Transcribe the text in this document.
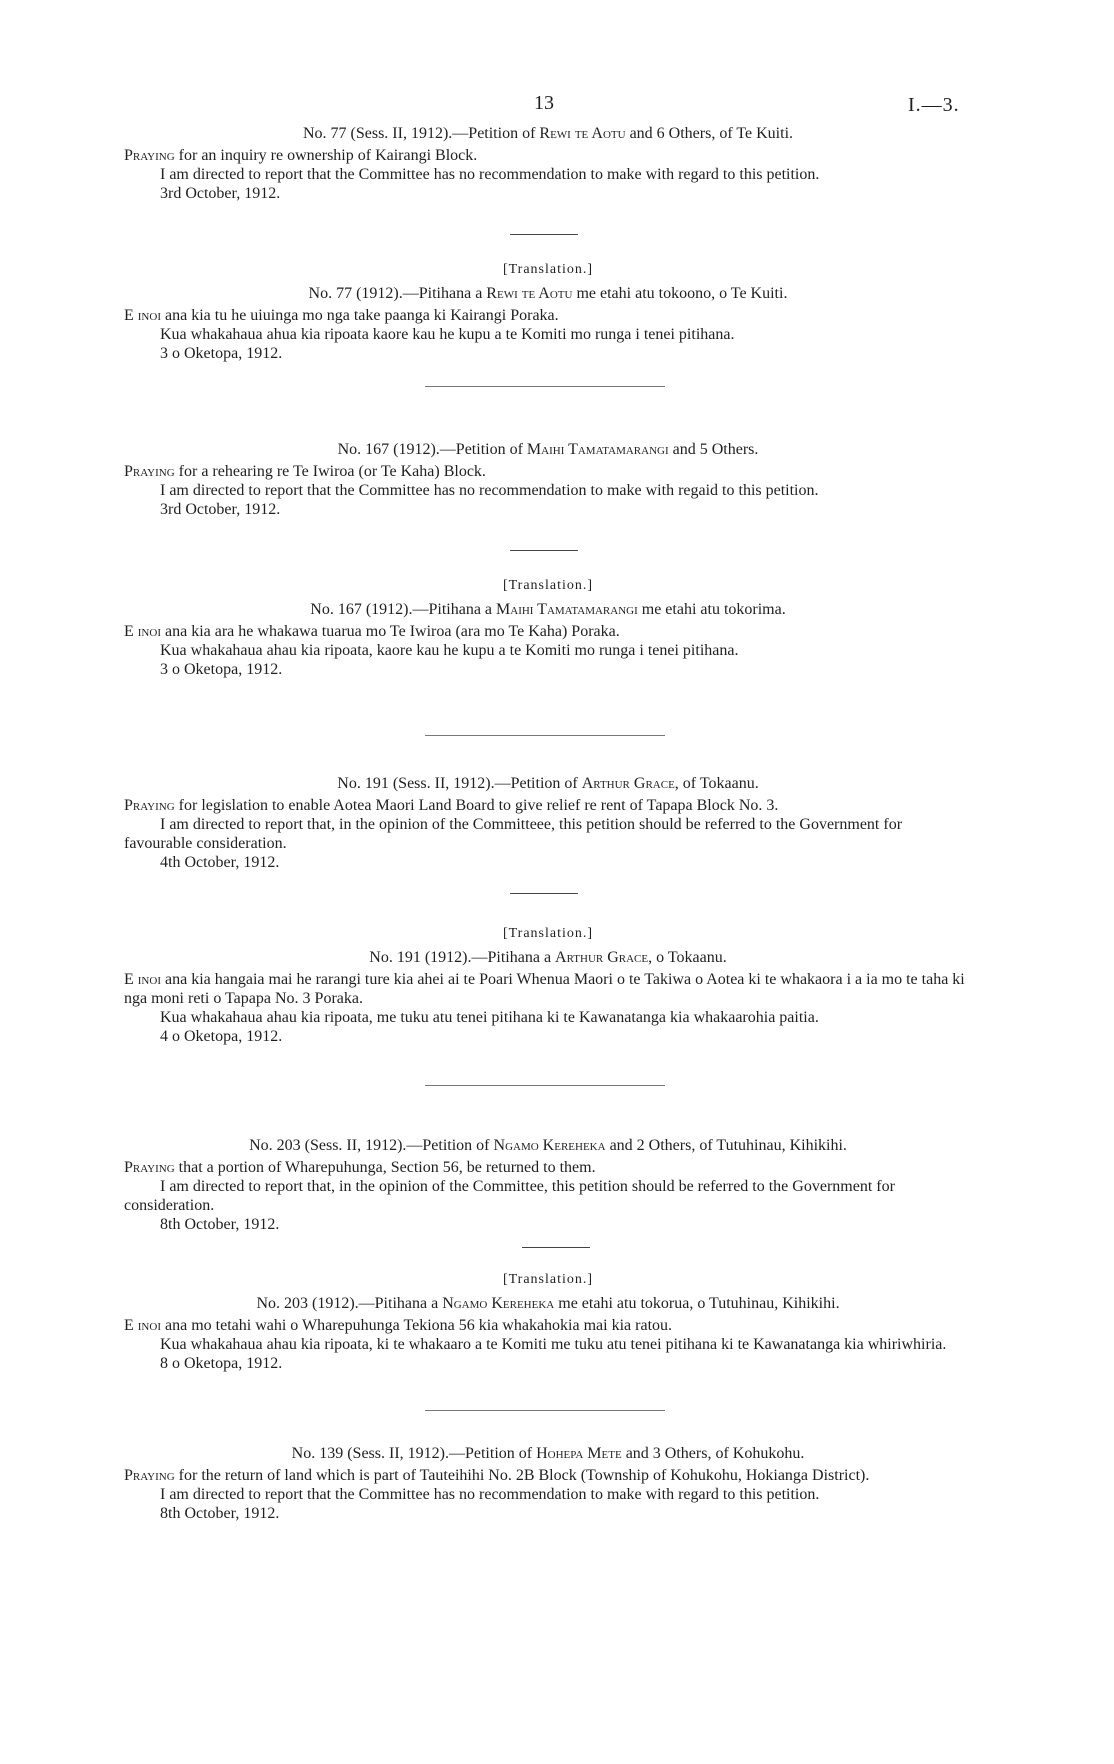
13	I.—3.
No. 77 (Sess. II, 1912).—Petition of Rewi te Aotu and 6 Others, of Te Kuiti.

Praying for an inquiry re ownership of Kairangi Block.

I am directed to report that the Committee has no recommendation to make with regard to this petition.

3rd October, 1912.

[Translation.]
No. 77 (1912).—Pitihana a Rewi te Aotu me etahi atu tokoono, o Te Kuiti.

E inoi ana kia tu he uiuinga mo nga take paanga ki Kairangi Poraka.

Kua whakahaua ahua kia ripoata kaore kau he kupu a te Komiti mo runga i tenei pitihana.

3 o Oketopa, 1912.

No. 167 (1912).—Petition of Maihi Tamatamarangi and 5 Others.

Praying for a rehearing re Te Iwiroa (or Te Kaha) Block.

I am directed to report that the Committee has no recommendation to make with regaid to this petition.

3rd October, 1912.

[Translation.]
No. 167 (1912).—Pitihana a Maihi Tamatamarangi me etahi atu tokorima.

E inoi ana kia ara he whakawa tuarua mo Te Iwiroa (ara mo Te Kaha) Poraka.

Kua whakahaua ahau kia ripoata, kaore kau he kupu a te Komiti mo runga i tenei pitihana.

3 o Oketopa, 1912.

No. 191 (Sess. II, 1912).—Petition of Arthur Grace, of Tokaanu.

Praying for legislation to enable Aotea Maori Land Board to give relief re rent of Tapapa Block No. 3.

I am directed to report that, in the opinion of the Committeee, this petition should be referred to the Government for favourable consideration.

4th October, 1912.

[Translation.]
No. 191 (1912).—Pitihana a Arthur Grace, o Tokaanu.

E inoi ana kia hangaia mai he rarangi ture kia ahei ai te Poari Whenua Maori o te Takiwa o Aotea ki te whakaora i a ia mo te taha ki nga moni reti o Tapapa No. 3 Poraka.

Kua whakahaua ahau kia ripoata, me tuku atu tenei pitihana ki te Kawanatanga kia whakaarohia paitia.

4 o Oketopa, 1912.

No. 203 (Sess. II, 1912).—Petition of Ngamo Kereheka and 2 Others, of Tutuhinau, Kihikihi.

Praying that a portion of Wharepuhunga, Section 56, be returned to them.

I am directed to report that, in the opinion of the Committee, this petition should be referred to the Government for consideration.

8th October, 1912.

[Translation.]
No. 203 (1912).—Pitihana a Ngamo Kereheka me etahi atu tokorua, o Tutuhinau, Kihikihi.

E inoi ana mo tetahi wahi o Wharepuhunga Tekiona 56 kia whakahokia mai kia ratou.

Kua whakahaua ahau kia ripoata, ki te whakaaro a te Komiti me tuku atu tenei pitihana ki te Kawanatanga kia whiriwhiria.

8 o Oketopa, 1912.

No. 139 (Sess. II, 1912).—Petition of Hohepa Mete and 3 Others, of Kohukohu.

Praying for the return of land which is part of Tauteihihi No. 2B Block (Township of Kohukohu, Hokianga District).

I am directed to report that the Committee has no recommendation to make with regard to this petition.

8th October, 1912.
